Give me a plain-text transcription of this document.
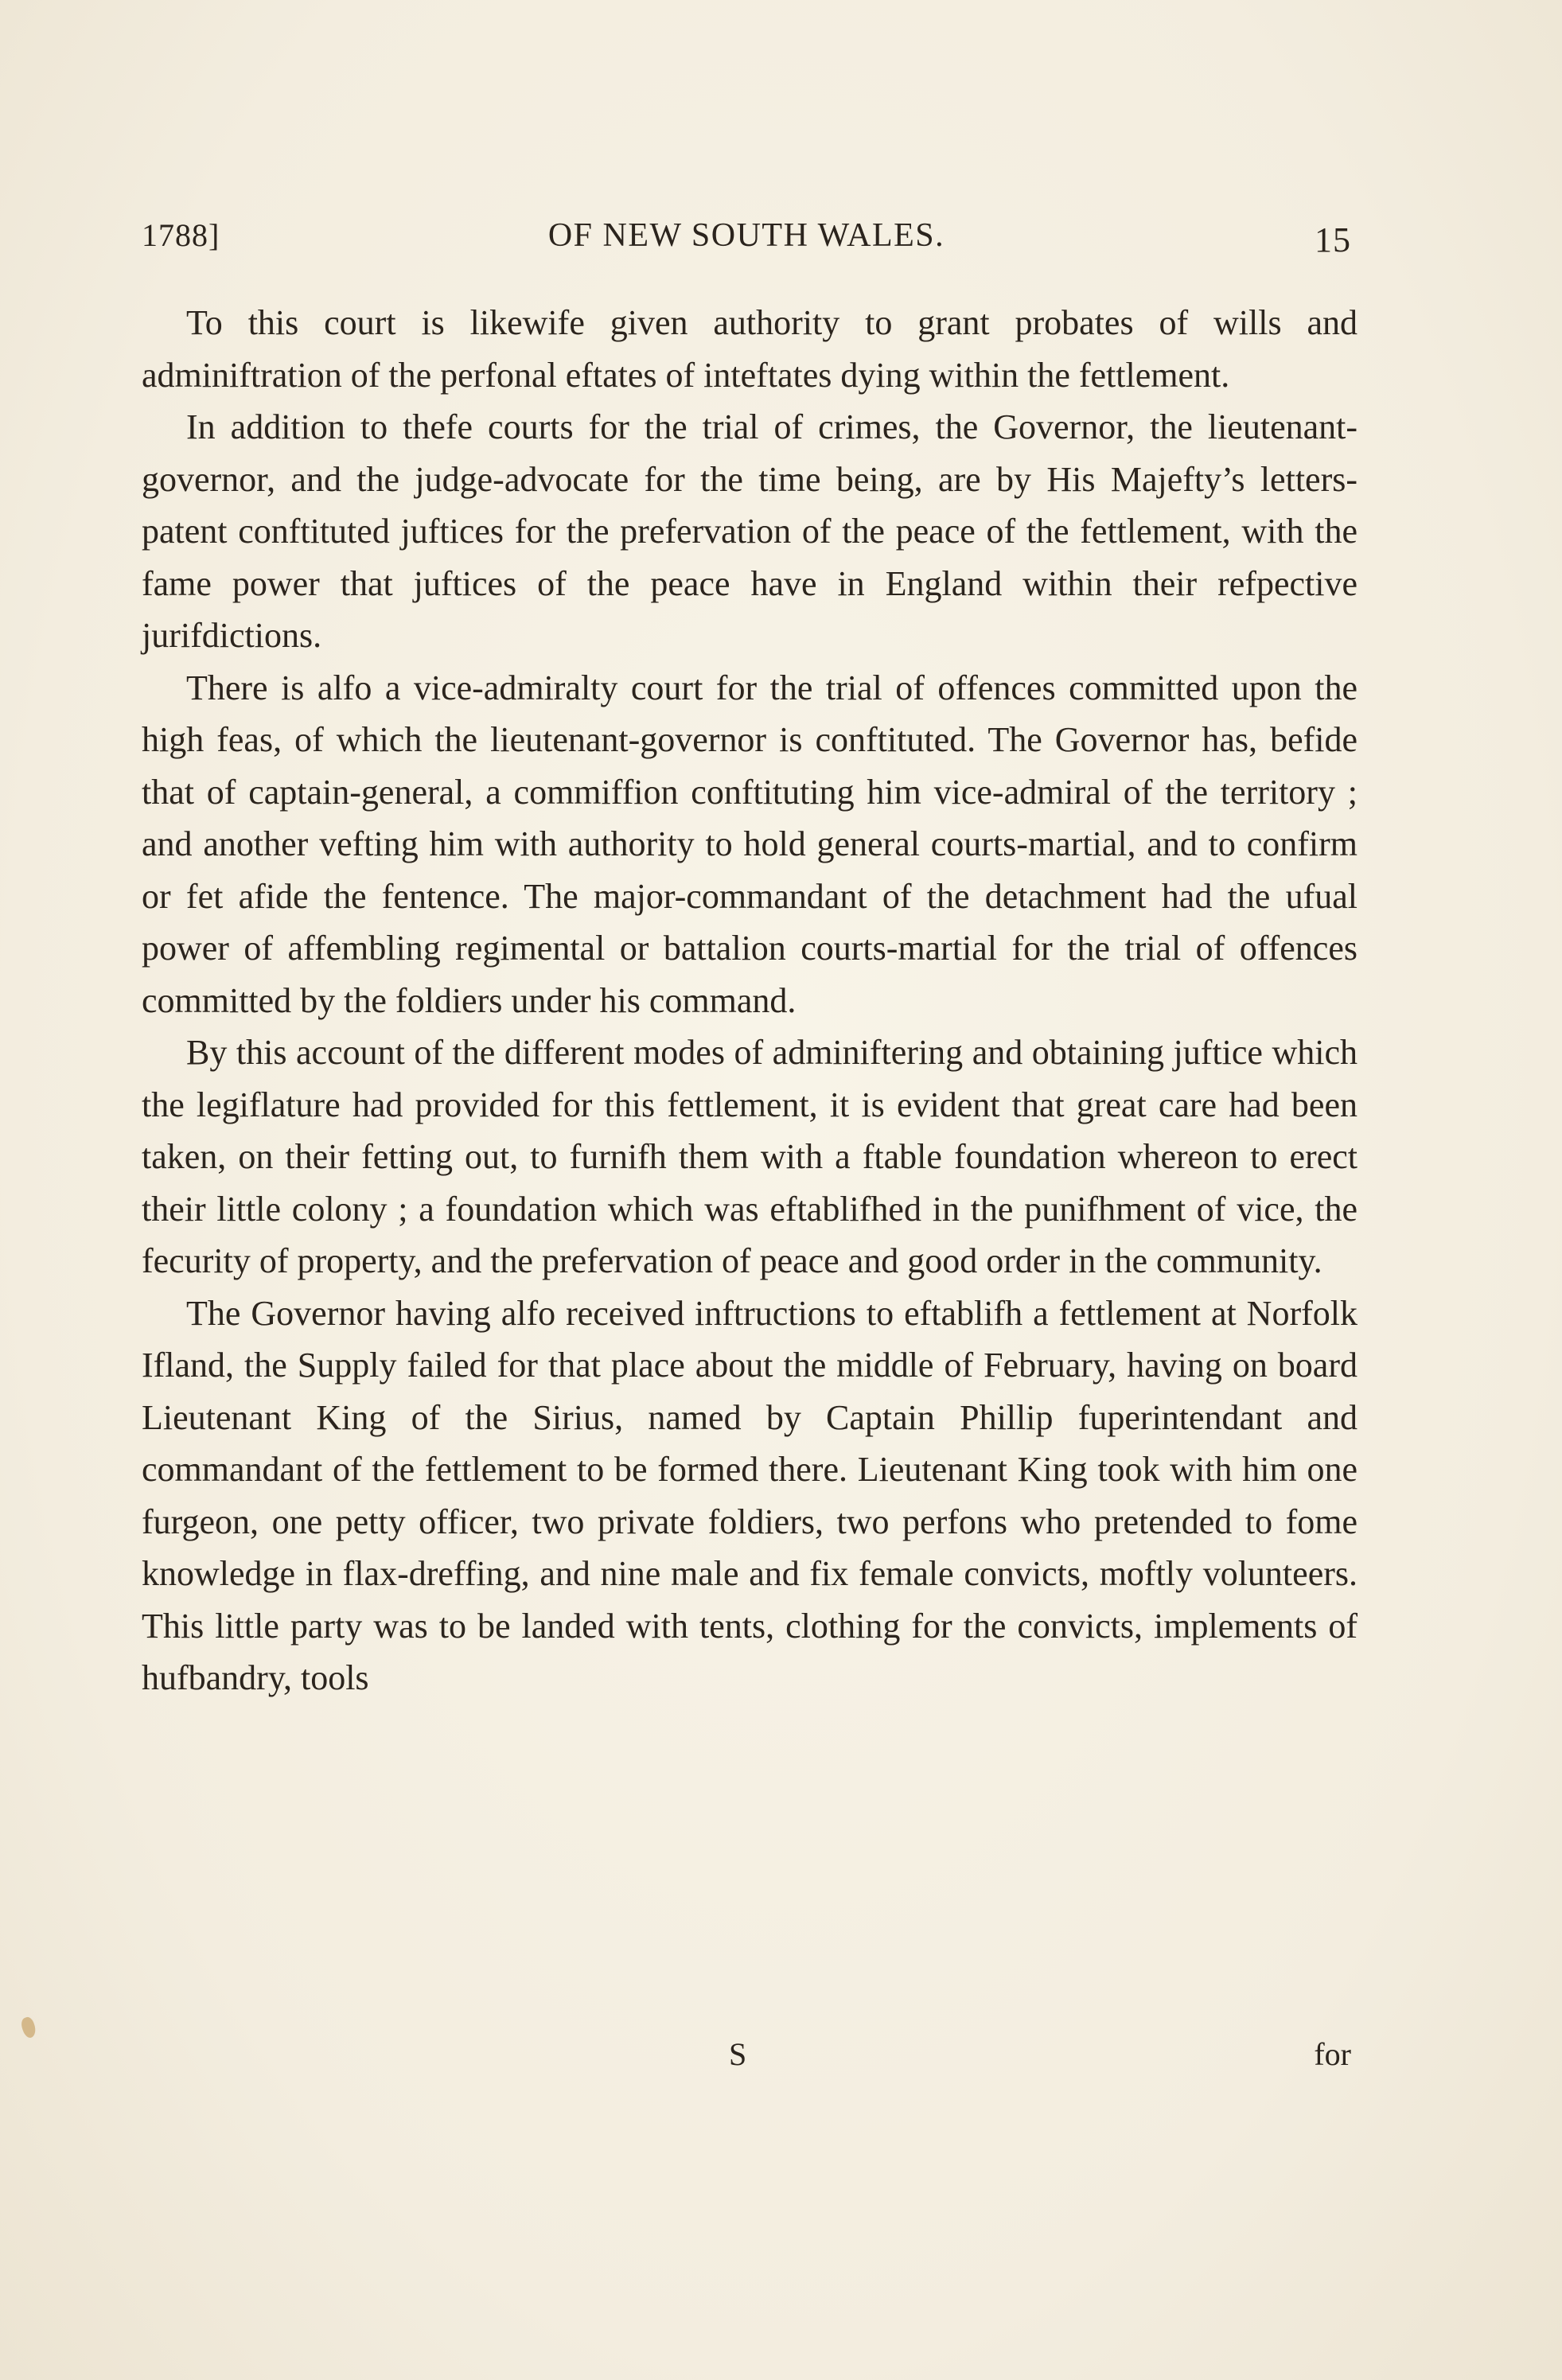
1788]	OF NEW SOUTH WALES.	15

To this court is likewife given authority to grant probates of wills and adminiftration of the perfonal eftates of inteftates dying within the fettlement.

In addition to thefe courts for the trial of crimes, the Governor, the lieutenant-governor, and the judge-advocate for the time being, are by His Majefty’s letters-patent conftituted juftices for the prefervation of the peace of the fettlement, with the fame power that juftices of the peace have in England within their refpective jurifdictions.

There is alfo a vice-admiralty court for the trial of offences committed upon the high feas, of which the lieutenant-governor is conftituted. The Governor has, befide that of captain-general, a commiffion conftituting him vice-admiral of the territory ; and another vefting him with authority to hold general courts-martial, and to confirm or fet afide the fentence. The major-commandant of the detachment had the ufual power of affembling regimental or battalion courts-martial for the trial of offences committed by the foldiers under his command.

By this account of the different modes of adminiftering and obtaining juftice which the legiflature had provided for this fettlement, it is evident that great care had been taken, on their fetting out, to furnifh them with a ftable foundation whereon to erect their little colony ; a foundation which was eftablifhed in the punifhment of vice, the fecurity of property, and the prefervation of peace and good order in the community.

The Governor having alfo received inftructions to eftablifh a fettlement at Norfolk Ifland, the Supply failed for that place about the middle of February, having on board Lieutenant King of the Sirius, named by Captain Phillip fuperintendant and commandant of the fettlement to be formed there. Lieutenant King took with him one furgeon, one petty officer, two private foldiers, two perfons who pretended to fome knowledge in flax-dreffing, and nine male and fix female convicts, moftly volunteers. This little party was to be landed with tents, clothing for the convicts, implements of hufbandry, tools

S	for
